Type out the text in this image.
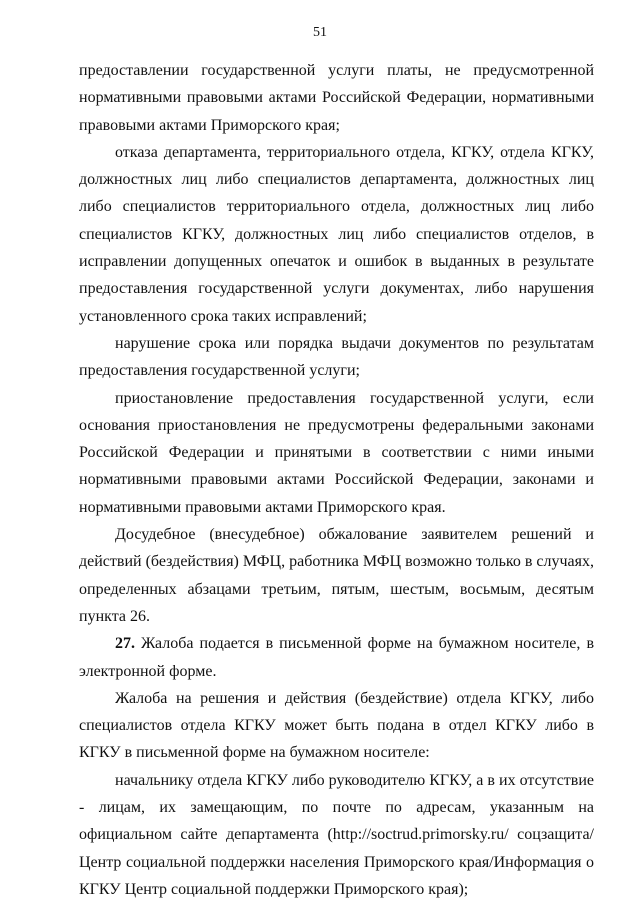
51

предоставлении государственной услуги платы, не предусмотренной нормативными правовыми актами Российской Федерации, нормативными правовыми актами Приморского края;

отказа департамента, территориального отдела, КГКУ, отдела КГКУ, должностных лиц либо специалистов департамента, должностных лиц либо специалистов территориального отдела, должностных лиц либо специалистов КГКУ, должностных лиц либо специалистов отделов, в исправлении допущенных опечаток и ошибок в выданных в результате предоставления государственной услуги документах, либо нарушения установленного срока таких исправлений;

нарушение срока или порядка выдачи документов по результатам предоставления государственной услуги;

приостановление предоставления государственной услуги, если основания приостановления не предусмотрены федеральными законами Российской Федерации и принятыми в соответствии с ними иными нормативными правовыми актами Российской Федерации, законами и нормативными правовыми актами Приморского края.

Досудебное (внесудебное) обжалование заявителем решений и действий (бездействия) МФЦ, работника МФЦ возможно только в случаях, определенных абзацами третьим, пятым, шестым, восьмым, десятым пункта 26.

27. Жалоба подается в письменной форме на бумажном носителе, в электронной форме.

Жалоба на решения и действия (бездействие) отдела КГКУ, либо специалистов отдела КГКУ может быть подана в отдел КГКУ либо в КГКУ в письменной форме на бумажном носителе:

начальнику отдела КГКУ либо руководителю КГКУ, а в их отсутствие - лицам, их замещающим, по почте по адресам, указанным на официальном сайте департамента (http://soctrud.primorsky.ru/ соцзащита/Центр социальной поддержки населения Приморского края/Информация о КГКУ Центр социальной поддержки Приморского края);
